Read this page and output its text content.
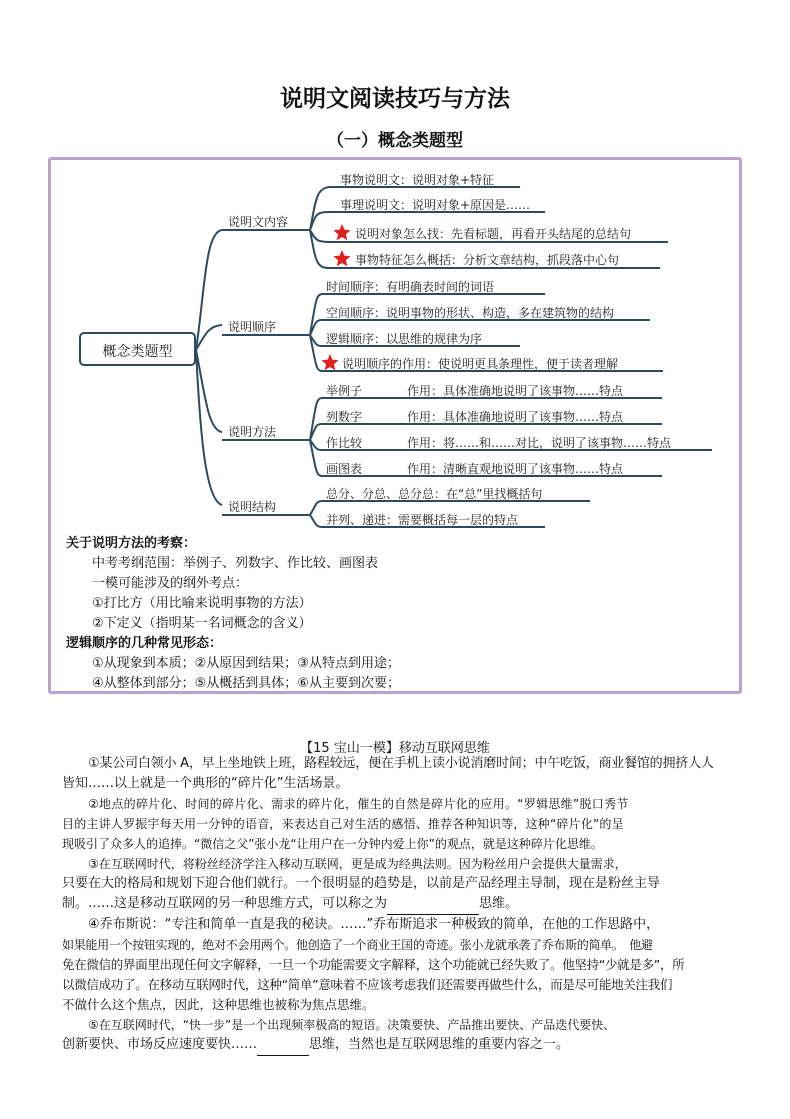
说明文阅读技巧与方法
（一）概念类题型
概念类题型
说明文内容
说明顺序
说明方法
说明结构
事物说明文：说明对象+特征
事理说明文：说明对象+原因是……
说明对象怎么找：先看标题，再看开头结尾的总结句
事物特征怎么概括：分析文章结构，抓段落中心句
时间顺序：有明确表时间的词语
空间顺序：说明事物的形状、构造，多在建筑物的结构
逻辑顺序：以思维的规律为序
说明顺序的作用：使说明更具条理性，便于读者理解
举例子	作用：具体准确地说明了该事物……特点
列数字	作用：具体准确地说明了该事物……特点
作比较	作用：将……和……对比，说明了该事物……特点
画图表	作用：清晰直观地说明了该事物……特点
总分、分总、总分总：在“总”里找概括句
并列、递进：需要概括每一层的特点
关于说明方法的考察：
中考考纲范围：举例子、列数字、作比较、画图表
一模可能涉及的纲外考点：
①打比方（用比喻来说明事物的方法）
②下定义（指明某一名词概念的含义）
逻辑顺序的几种常见形态：
①从现象到本质；②从原因到结果；③从特点到用途；
④从整体到部分；⑤从概括到具体；⑥从主要到次要；
【15 宝山一模】移动互联网思维
①某公司白领小 A，早上坐地铁上班，路程较远，便在手机上读小说消磨时间；中午吃饭，商业餐馆的拥挤人人
皆知……以上就是一个典形的“碎片化”生活场景。
②地点的碎片化、时间的碎片化、需求的碎片化，催生的自然是碎片化的应用。“罗辑思维”脱口秀节
目的主讲人罗振宇每天用一分钟的语音，来表达自己对生活的感悟、推荐各种知识等，这种“碎片化”的呈
现吸引了众多人的追捧。“微信之父”张小龙“让用户在一分钟内爱上你”的观点，就是这种碎片化思维。
③在互联网时代，将粉丝经济学注入移动互联网，更是成为经典法则。因为粉丝用户会提供大量需求，
只要在大的格局和规划下迎合他们就行。一个很明显的趋势是，以前是产品经理主导制，现在是粉丝主导
制。……这是移动互联网的另一种思维方式，可以称之为	思维。
④乔布斯说：“专注和简单一直是我的秘诀。……”乔布斯追求一种极致的简单，在他的工作思路中，
如果能用一个按钮实现的，绝对不会用两个。他创造了一个商业王国的奇迹。张小龙就承袭了乔布斯的简单。　他避
免在微信的界面里出现任何文字解释，一旦一个功能需要文字解释，这个功能就已经失败了。他坚持“少就是多”，所
以微信成功了。在移动互联网时代，这种“简单”意味着不应该考虑我们还需要再做些什么，而是尽可能地关注我们
不做什么这个焦点，因此，这种思维也被称为焦点思维。
⑤在互联网时代，“快一步”是一个出现频率极高的短语。决策要快、产品推出要快、产品迭代要快、
创新要快、市场反应速度要快……	思维，当然也是互联网思维的重要内容之一。
